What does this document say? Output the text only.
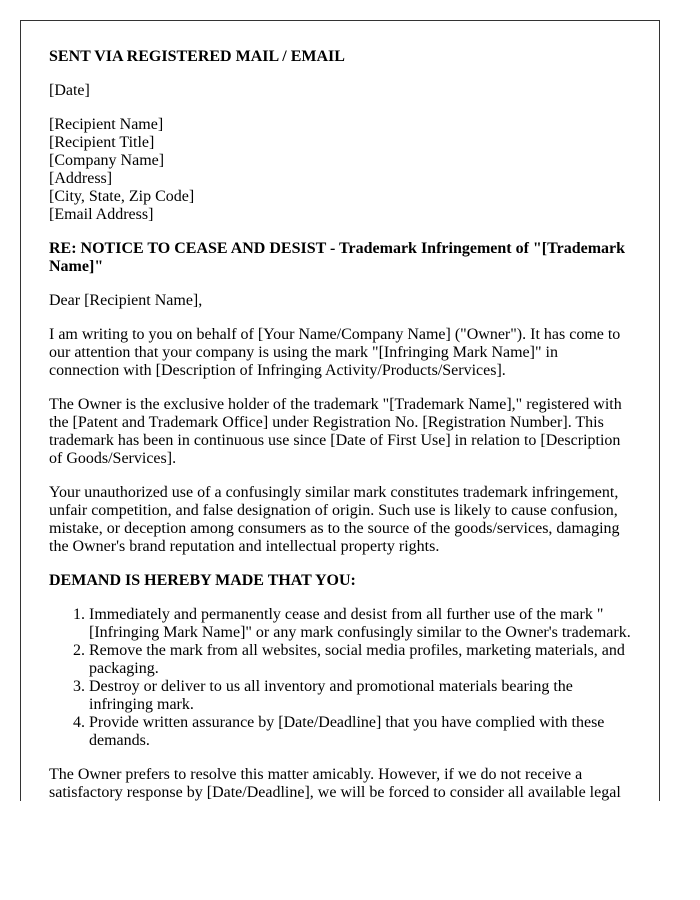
SENT VIA REGISTERED MAIL / EMAIL

[Date]

[Recipient Name]
[Recipient Title]
[Company Name]
[Address]
[City, State, Zip Code]
[Email Address]

RE: NOTICE TO CEASE AND DESIST - Trademark Infringement of "[Trademark Name]"

Dear [Recipient Name],

I am writing to you on behalf of [Your Name/Company Name] ("Owner"). It has come to our attention that your company is using the mark "[Infringing Mark Name]" in connection with [Description of Infringing Activity/Products/Services].

The Owner is the exclusive holder of the trademark "[Trademark Name]," registered with the [Patent and Trademark Office] under Registration No. [Registration Number]. This trademark has been in continuous use since [Date of First Use] in relation to [Description of Goods/Services].

Your unauthorized use of a confusingly similar mark constitutes trademark infringement, unfair competition, and false designation of origin. Such use is likely to cause confusion, mistake, or deception among consumers as to the source of the goods/services, damaging the Owner's brand reputation and intellectual property rights.

DEMAND IS HEREBY MADE THAT YOU:

1. Immediately and permanently cease and desist from all further use of the mark "[Infringing Mark Name]" or any mark confusingly similar to the Owner's trademark.
2. Remove the mark from all websites, social media profiles, marketing materials, and packaging.
3. Destroy or deliver to us all inventory and promotional materials bearing the infringing mark.
4. Provide written assurance by [Date/Deadline] that you have complied with these demands.

The Owner prefers to resolve this matter amicably. However, if we do not receive a satisfactory response by [Date/Deadline], we will be forced to consider all available legal
